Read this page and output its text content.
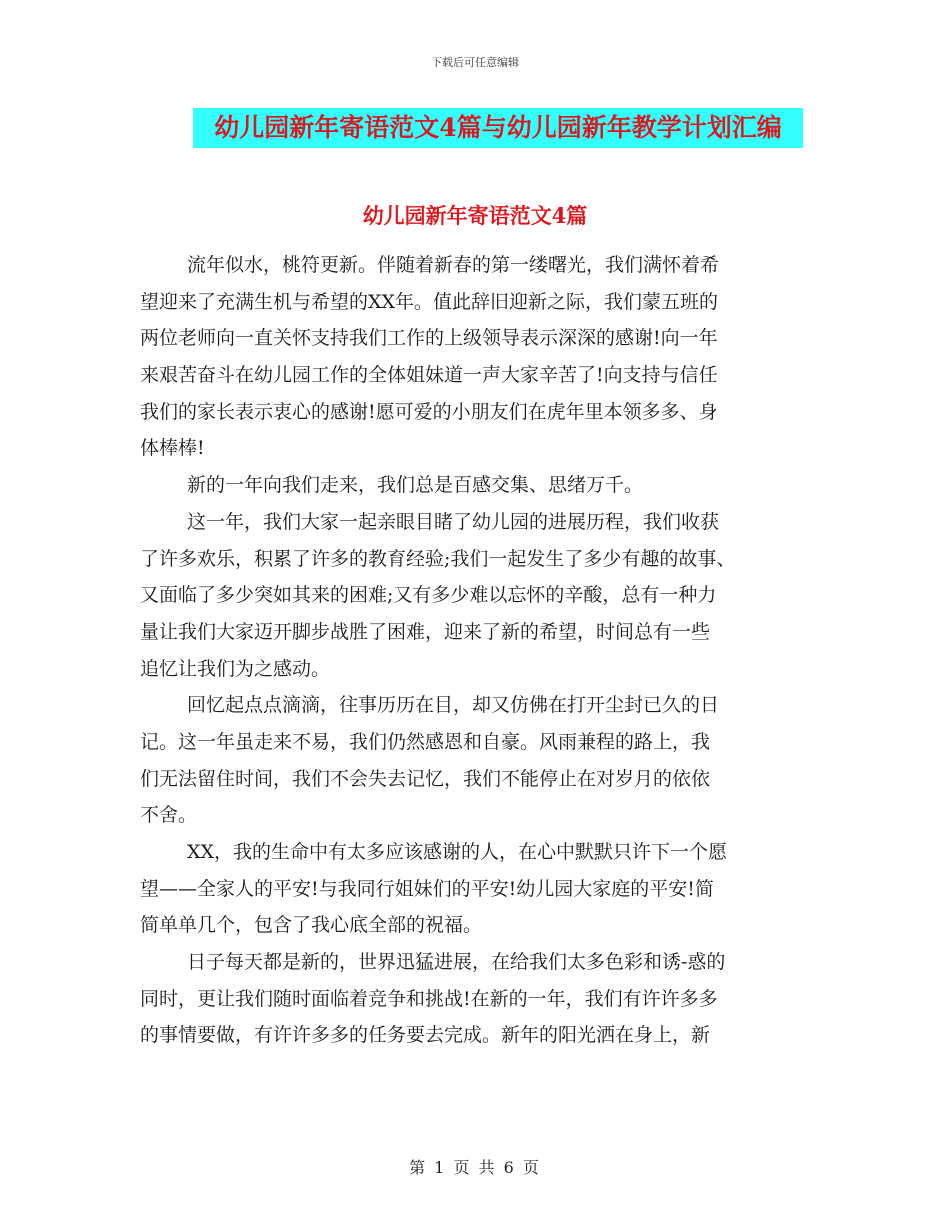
下载后可任意编辑
幼儿园新年寄语范文4篇与幼儿园新年教学计划汇编
幼儿园新年寄语范文4篇
流年似水，桃符更新。伴随着新春的第一缕曙光，我们满怀着希
望迎来了充满生机与希望的XX年。值此辞旧迎新之际，我们蒙五班的
两位老师向一直关怀支持我们工作的上级领导表示深深的感谢!向一年
来艰苦奋斗在幼儿园工作的全体姐妹道一声大家辛苦了!向支持与信任
我们的家长表示衷心的感谢!愿可爱的小朋友们在虎年里本领多多、身
体棒棒!
新的一年向我们走来，我们总是百感交集、思绪万千。
这一年，我们大家一起亲眼目睹了幼儿园的进展历程，我们收获
了许多欢乐，积累了许多的教育经验;我们一起发生了多少有趣的故事、
又面临了多少突如其来的困难;又有多少难以忘怀的辛酸，总有一种力
量让我们大家迈开脚步战胜了困难，迎来了新的希望，时间总有一些
追忆让我们为之感动。
回忆起点点滴滴，往事历历在目，却又仿佛在打开尘封已久的日
记。这一年虽走来不易，我们仍然感恩和自豪。风雨兼程的路上，我
们无法留住时间，我们不会失去记忆，我们不能停止在对岁月的依依
不舍。
XX，我的生命中有太多应该感谢的人，在心中默默只许下一个愿
望——全家人的平安!与我同行姐妹们的平安!幼儿园大家庭的平安!简
简单单几个，包含了我心底全部的祝福。
日子每天都是新的，世界迅猛进展，在给我们太多色彩和诱-惑的
同时，更让我们随时面临着竞争和挑战!在新的一年，我们有许许多多
的事情要做，有许许多多的任务要去完成。新年的阳光洒在身上，新
第 1 页 共 6 页
